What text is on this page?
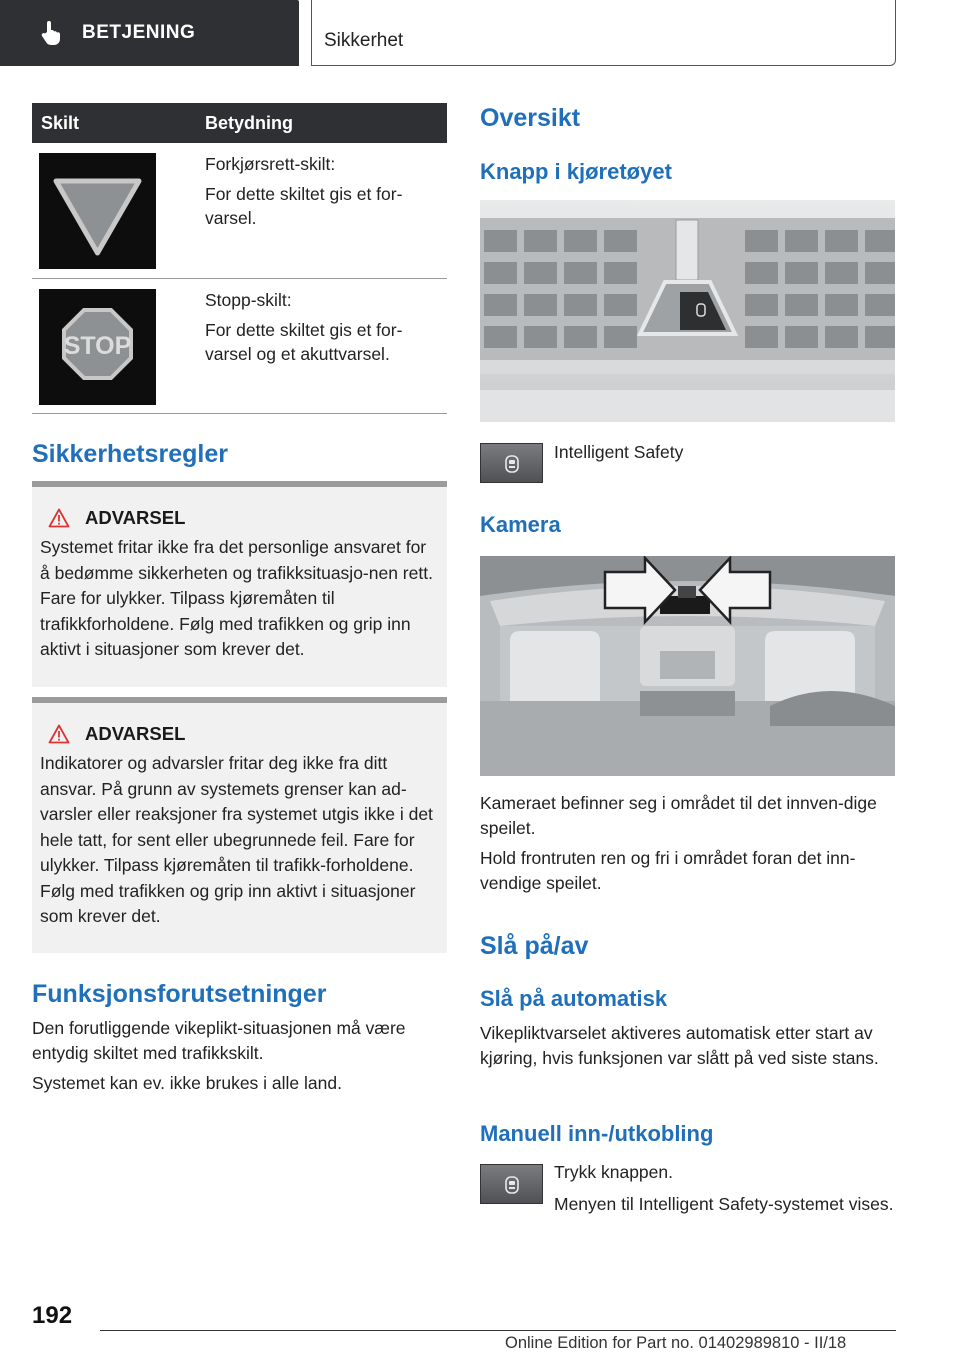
BETJENING	Sikkerhet
Skilt	Betydning

Forkjørsrett-skilt:

For dette skiltet gis et for-varsel.

STOP

Stopp-skilt:

For dette skiltet gis et for-varsel og et akuttvarsel.

Sikkerhetsregler
ADVARSEL
Systemet fritar ikke fra det personlige ansvaret for å bedømme sikkerheten og trafikksituasjo-nen rett. Fare for ulykker. Tilpass kjøremåten til trafikkforholdene. Følg med trafikken og grip inn aktivt i situasjoner som krever det.
ADVARSEL
Indikatorer og advarsler fritar deg ikke fra ditt ansvar. På grunn av systemets grenser kan ad-varsler eller reaksjoner fra systemet utgis ikke i det hele tatt, for sent eller ubegrunnede feil. Fare for ulykker. Tilpass kjøremåten til trafikk-forholdene. Følg med trafikken og grip inn aktivt i situasjoner som krever det.
Funksjonsforutsetninger

Den forutliggende vikeplikt-situasjonen må være entydig skiltet med trafikkskilt.

Systemet kan ev. ikke brukes i alle land.

Oversikt
Knapp i kjøretøyet

Intelligent Safety

Kamera

Kameraet befinner seg i området til det innven-dige speilet.

Hold frontruten ren og fri i området foran det inn-vendige speilet.

Slå på/av
Slå på automatisk

Vikepliktvarselet aktiveres automatisk etter start av kjøring, hvis funksjonen var slått på ved siste stans.

Manuell inn-/utkobling

Trykk knappen.

Menyen til Intelligent Safety-systemet vises.

192
Online Edition for Part no. 01402989810 - II/18
